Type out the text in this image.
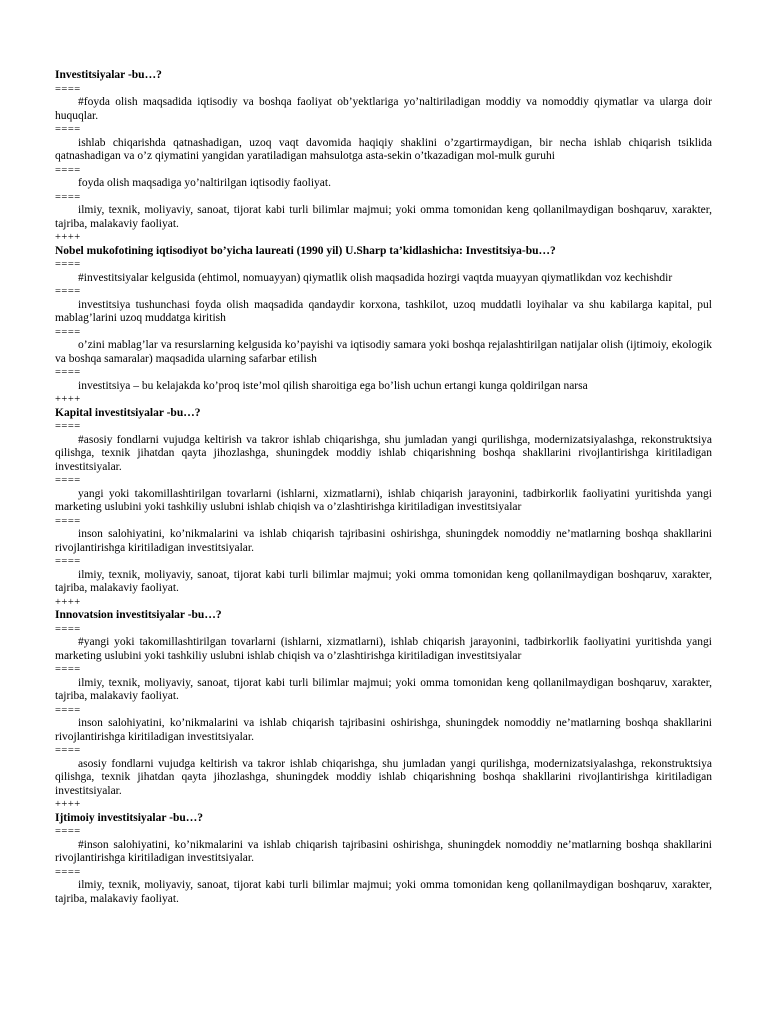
Investitsiyalar -bu…?

====

#foyda olish maqsadida iqtisodiy va boshqa faoliyat ob’yektlariga yo’naltiriladigan moddiy va nomoddiy qiymatlar va ularga doir huquqlar.

====

ishlab chiqarishda qatnashadigan, uzoq vaqt davomida haqiqiy shaklini o’zgartirmaydigan, bir necha ishlab chiqarish tsiklida qatnashadigan va o’z qiymatini yangidan yaratiladigan mahsulotga asta-sekin o’tkazadigan mol-mulk guruhi

====

foyda olish maqsadiga yo’naltirilgan iqtisodiy faoliyat.

====

ilmiy, texnik, moliyaviy, sanoat, tijorat kabi turli bilimlar majmui; yoki omma tomonidan keng qollanilmaydigan boshqaruv, xarakter, tajriba, malakaviy faoliyat.

++++

Nobel mukofotining iqtisodiyot bo’yicha laureati (1990 yil) U.Sharp ta’kidlashicha: Investitsiya-bu…?

====

#investitsiyalar kelgusida (ehtimol, nomuayyan) qiymatlik olish maqsadida hozirgi vaqtda muayyan qiymatlikdan voz kechishdir

====

investitsiya tushunchasi foyda olish maqsadida qandaydir korxona, tashkilot, uzoq muddatli loyihalar va shu kabilarga kapital, pul mablag’larini uzoq muddatga kiritish

====

o’zini mablag’lar va resurslarning kelgusida ko’payishi va iqtisodiy samara yoki boshqa rejalashtirilgan natijalar olish (ijtimoiy, ekologik va boshqa samaralar) maqsadida ularning safarbar etilish

====

investitsiya – bu kelajakda ko’proq iste’mol qilish sharoitiga ega bo’lish uchun ertangi kunga qoldirilgan narsa

++++

Kapital investitsiyalar -bu…?

====

#asosiy fondlarni vujudga keltirish va takror ishlab chiqarishga, shu jumladan yangi qurilishga, modernizatsiyalashga, rekonstruktsiya qilishga, texnik jihatdan qayta jihozlashga, shuningdek moddiy ishlab chiqarishning boshqa shakllarini rivojlantirishga kiritiladigan investitsiyalar.

====

yangi yoki takomillashtirilgan tovarlarni (ishlarni, xizmatlarni), ishlab chiqarish jarayonini, tadbirkorlik faoliyatini yuritishda yangi marketing uslubini yoki tashkiliy uslubni ishlab chiqish va o’zlashtirishga kiritiladigan investitsiyalar

====

inson salohiyatini, ko’nikmalarini va ishlab chiqarish tajribasini oshirishga, shuningdek nomoddiy ne’matlarning boshqa shakllarini rivojlantirishga kiritiladigan investitsiyalar.

====

ilmiy, texnik, moliyaviy, sanoat, tijorat kabi turli bilimlar majmui; yoki omma tomonidan keng qollanilmaydigan boshqaruv, xarakter, tajriba, malakaviy faoliyat.

++++

Innovatsion investitsiyalar -bu…?

====

#yangi yoki takomillashtirilgan tovarlarni (ishlarni, xizmatlarni), ishlab chiqarish jarayonini, tadbirkorlik faoliyatini yuritishda yangi marketing uslubini yoki tashkiliy uslubni ishlab chiqish va o’zlashtirishga kiritiladigan investitsiyalar

====

ilmiy, texnik, moliyaviy, sanoat, tijorat kabi turli bilimlar majmui; yoki omma tomonidan keng qollanilmaydigan boshqaruv, xarakter, tajriba, malakaviy faoliyat.

====

inson salohiyatini, ko’nikmalarini va ishlab chiqarish tajribasini oshirishga, shuningdek nomoddiy ne’matlarning boshqa shakllarini rivojlantirishga kiritiladigan investitsiyalar.

====

asosiy fondlarni vujudga keltirish va takror ishlab chiqarishga, shu jumladan yangi qurilishga, modernizatsiyalashga, rekonstruktsiya qilishga, texnik jihatdan qayta jihozlashga, shuningdek moddiy ishlab chiqarishning boshqa shakllarini rivojlantirishga kiritiladigan investitsiyalar.

++++

Ijtimoiy investitsiyalar -bu…?

====

#inson salohiyatini, ko’nikmalarini va ishlab chiqarish tajribasini oshirishga, shuningdek nomoddiy ne’matlarning boshqa shakllarini rivojlantirishga kiritiladigan investitsiyalar.

====

ilmiy, texnik, moliyaviy, sanoat, tijorat kabi turli bilimlar majmui; yoki omma tomonidan keng qollanilmaydigan boshqaruv, xarakter, tajriba, malakaviy faoliyat.
